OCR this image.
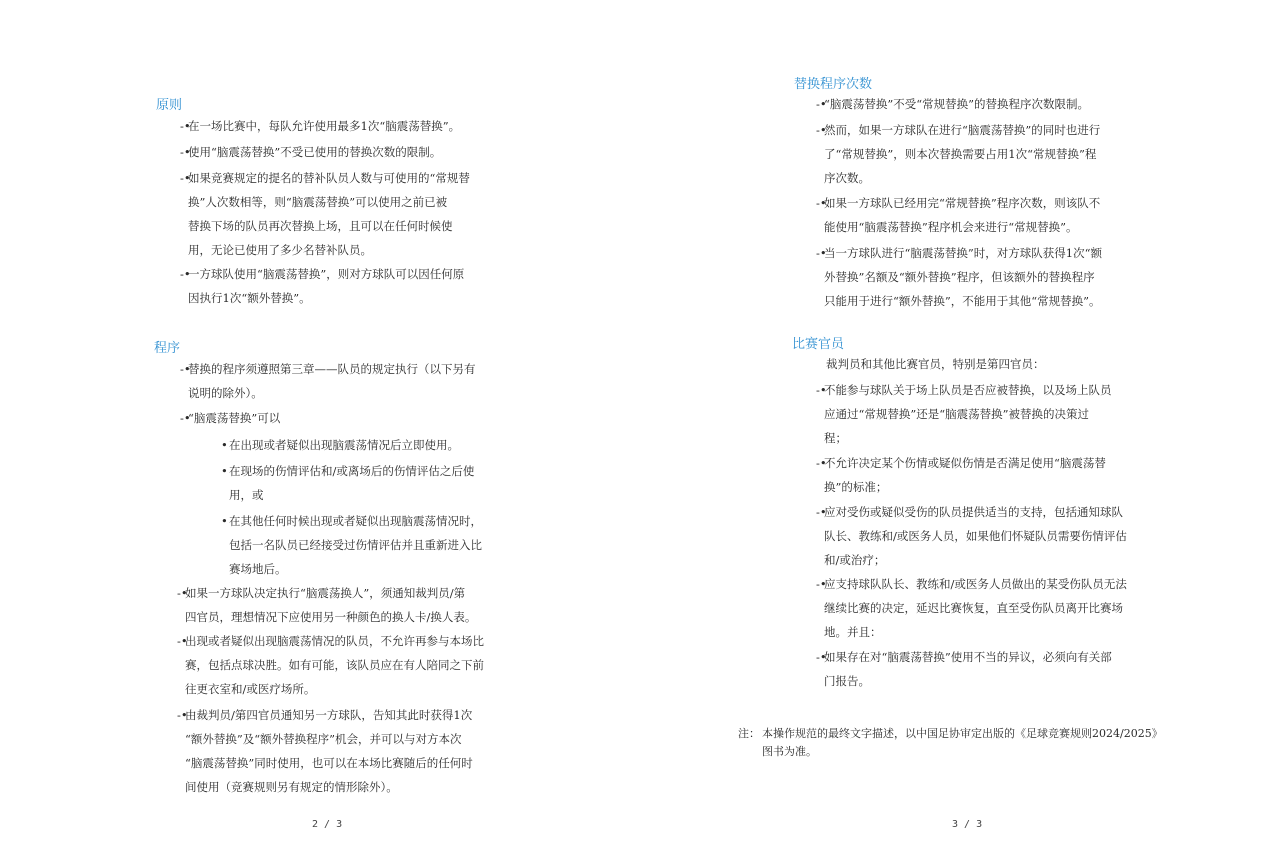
原则
-•
在一场比赛中，每队允许使用最多1次“脑震荡替换”。
-•
使用“脑震荡替换”不受已使用的替换次数的限制。
-•
如果竞赛规定的提名的替补队员人数与可使用的“常规替
换”人次数相等，则“脑震荡替换”可以使用之前已被
替换下场的队员再次替换上场，且可以在任何时候使
用，无论已使用了多少名替补队员。
-•
一方球队使用“脑震荡替换”，则对方球队可以因任何原
因执行1次“额外替换”。
程序
-•
替换的程序须遵照第三章——队员的规定执行（以下另有
说明的除外）。
-•
“脑震荡替换”可以
• 在出现或者疑似出现脑震荡情况后立即使用。
• 在现场的伤情评估和/或离场后的伤情评估之后使
用，或
• 在其他任何时候出现或者疑似出现脑震荡情况时，
包括一名队员已经接受过伤情评估并且重新进入比
赛场地后。
-•
如果一方球队决定执行“脑震荡换人”，须通知裁判员/第
四官员，理想情况下应使用另一种颜色的换人卡/换人表。
-•
出现或者疑似出现脑震荡情况的队员，不允许再参与本场比
赛，包括点球决胜。如有可能，该队员应在有人陪同之下前
往更衣室和/或医疗场所。
-•
由裁判员/第四官员通知另一方球队，告知其此时获得1次
“额外替换”及“额外替换程序”机会，并可以与对方本次
“脑震荡替换”同时使用，也可以在本场比赛随后的任何时
间使用（竞赛规则另有规定的情形除外）。
2 / 3
替换程序次数
-•
“脑震荡替换”不受“常规替换”的替换程序次数限制。
-•
然而，如果一方球队在进行“脑震荡替换”的同时也进行
了“常规替换”，则本次替换需要占用1次“常规替换”程
序次数。
-•
如果一方球队已经用完“常规替换”程序次数，则该队不
能使用“脑震荡替换”程序机会来进行“常规替换”。
-•
当一方球队进行“脑震荡替换”时，对方球队获得1次“额
外替换”名额及“额外替换”程序，但该额外的替换程序
只能用于进行“额外替换”，不能用于其他“常规替换”。
比赛官员
裁判员和其他比赛官员，特别是第四官员：
-•
不能参与球队关于场上队员是否应被替换，以及场上队员
应通过“常规替换”还是“脑震荡替换”被替换的决策过
程；
-•
不允许决定某个伤情或疑似伤情是否满足使用“脑震荡替
换”的标准；
-•
应对受伤或疑似受伤的队员提供适当的支持，包括通知球队
队长、教练和/或医务人员，如果他们怀疑队员需要伤情评估
和/或治疗；
-•
应支持球队队长、教练和/或医务人员做出的某受伤队员无法
继续比赛的决定，延迟比赛恢复，直至受伤队员离开比赛场
地。并且：
-•
如果存在对“脑震荡替换”使用不当的异议，必须向有关部
门报告。
注： 本操作规范的最终文字描述，以中国足协审定出版的《足球竞赛规则2024/2025》
图书为准。
3 / 3
